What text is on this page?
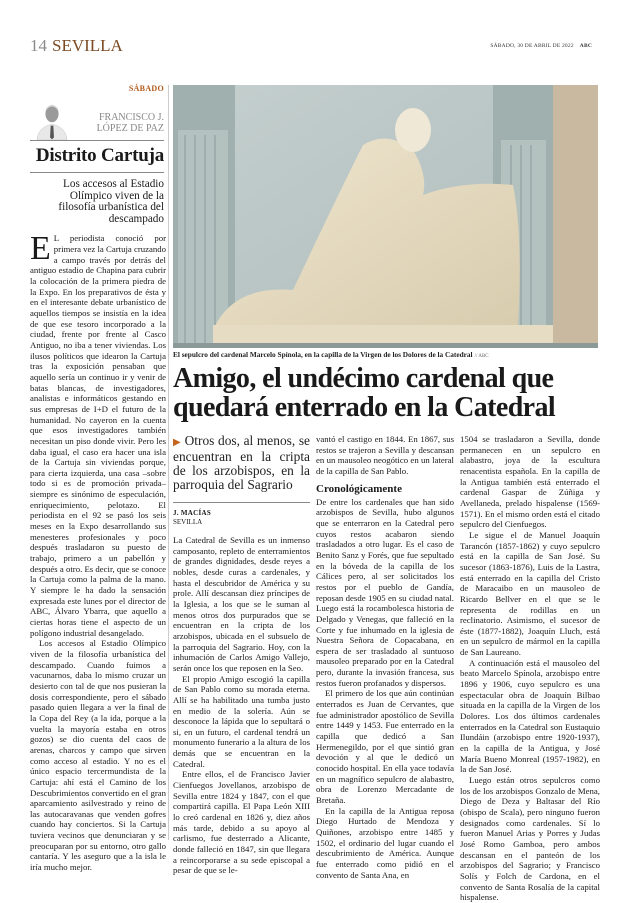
14 SEVILLA	SÁBADO, 30 DE ABRIL DE 2022 ABC
SÁBADO
FRANCISCO J.
LÓPEZ DE PAZ
Distrito Cartuja
Los accesos al Estadio Olímpico viven de la filosofía urbanística del descampado

E L periodista conoció por primera vez la Cartuja cruzando a campo través por detrás del antiguo estadio de Chapina para cubrir la colocación de la primera piedra de la Expo. En los preparativos de ésta y en el interesante debate urbanístico de aquellos tiempos se insistía en la idea de que ese tesoro incorporado a la ciudad, frente por frente al Casco Antiguo, no iba a tener viviendas. Los ilusos políticos que idearon la Cartuja tras la exposición pensaban que aquello sería un continuo ir y venir de batas blancas, de investigadores, analistas e informáticos gestando en sus empresas de I+D el futuro de la humanidad. No cayeron en la cuenta que esos investigadores también necesitan un piso donde vivir. Pero les daba igual, el caso era hacer una isla de la Cartuja sin viviendas porque, para cierta izquierda, una casa –sobre todo si es de promoción privada– siempre es sinónimo de especulación, enriquecimiento, pelotazo. El periodista en el 92 se pasó los seis meses en la Expo desarrollando sus menesteres profesionales y poco después trasladaron su puesto de trabajo, primero a un pabellón y después a otro. Es decir, que se conoce la Cartuja como la palma de la mano. Y siempre le ha dado la sensación expresada este lunes por el director de ABC, Álvaro Ybarra, que aquello a ciertas horas tiene el aspecto de un polígono industrial desangelado.

Los accesos al Estadio Olímpico viven de la filosofía urbanística del descampado. Cuando fuimos a vacunarnos, daba lo mismo cruzar un desierto con tal de que nos pusieran la dosis correspondiente, pero el sábado pasado quien llegara a ver la final de la Copa del Rey (a la ida, porque a la vuelta la mayoría estaba en otros gozos) se dio cuenta del caos de arenas, charcos y campo que sirven como acceso al estadio. Y no es el único espacio tercermundista de la Cartuja: ahí está el Camino de los Descubrimientos convertido en el gran aparcamiento asilvestrado y reino de las autocaravanas que venden gofres cuando hay conciertos. Si la Cartuja tuviera vecinos que denunciaran y se preocuparan por su entorno, otro gallo cantaría. Y les aseguro que a la isla le iría mucho mejor.

El sepulcro del cardenal Marcelo Spínola, en la capilla de la Virgen de los Dolores de la Catedral // ABC
Amigo, el undécimo cardenal que quedará enterrado en la Catedral
▶ Otros dos, al menos, se encuentran en la cripta de los arzobispos, en la parroquia del Sagrario
J. MACÍAS
SEVILLA

La Catedral de Sevilla es un inmenso camposanto, repleto de enterramientos de grandes dignidades, desde reyes a nobles, desde curas a cardenales, y hasta el descubridor de América y su prole. Allí descansan diez príncipes de la Iglesia, a los que se le suman al menos otros dos purpurados que se encuentran en la cripta de los arzobispos, ubicada en el subsuelo de la parroquia del Sagrario. Hoy, con la inhumación de Carlos Amigo Vallejo, serán once los que reposen en la Seo.

El propio Amigo escogió la capilla de San Pablo como su morada eterna. Allí se ha habilitado una tumba justo en medio de la solería. Aún se desconoce la lápida que lo sepultará o si, en un futuro, el cardenal tendrá un monumento funerario a la altura de los demás que se encuentran en la Catedral.

Entre ellos, el de Francisco Javier Cienfuegos Jovellanos, arzobispo de Sevilla entre 1824 y 1847, con el que compartirá capilla. El Papa León XIII lo creó cardenal en 1826 y, diez años más tarde, debido a su apoyo al carlismo, fue desterrado a Alicante, donde falleció en 1847, sin que llegara a reincorporarse a su sede episcopal a pesar de que se le-

vantó el castigo en 1844. En 1867, sus restos se trajeron a Sevilla y descansan en un mausoleo neogótico en un lateral de la capilla de San Pablo.

Cronológicamente

De entre los cardenales que han sido arzobispos de Sevilla, hubo algunos que se enterraron en la Catedral pero cuyos restos acabaron siendo trasladados a otro lugar. Es el caso de Benito Sanz y Forés, que fue sepultado en la bóveda de la capilla de los Cálices pero, al ser solicitados los restos por el pueblo de Gandía, reposan desde 1905 en su ciudad natal. Luego está la rocambolesca historia de Delgado y Venegas, que falleció en la Corte y fue inhumado en la iglesia de Nuestra Señora de Copacabana, en espera de ser trasladado al suntuoso mausoleo preparado por en la Catedral pero, durante la invasión francesa, sus restos fueron profanados y dispersos.

El primero de los que aún continúan enterrados es Juan de Cervantes, que fue administrador apostólico de Sevilla entre 1449 y 1453. Fue enterrado en la capilla que dedicó a San Hermenegildo, por el que sintió gran devoción y al que le dedicó un conocido hospital. En ella yace todavía en un magnífico sepulcro de alabastro, obra de Lorenzo Mercadante de Bretaña.

En la capilla de la Antigua reposa Diego Hurtado de Mendoza y Quiñones, arzobispo entre 1485 y 1502, el ordinario del lugar cuando el descubrimiento de América. Aunque fue enterrado como pidió en el convento de Santa Ana, en

1504 se trasladaron a Sevilla, donde permanecen en un sepulcro en alabastro, joya de la escultura renacentista española. En la capilla de la Antigua también está enterrado el cardenal Gaspar de Zúñiga y Avellaneda, prelado hispalense (1569-1571). En el mismo orden está el citado sepulcro del Cienfuegos.

Le sigue el de Manuel Joaquín Tarancón (1857-1862) y cuyo sepulcro está en la capilla de San José. Su sucesor (1863-1876), Luis de la Lastra, está enterrado en la capilla del Cristo de Maracaibo en un mausoleo de Ricardo Bellver en el que se le representa de rodillas en un reclinatorio. Asimismo, el sucesor de éste (1877-1882), Joaquín Lluch, está en un sepulcro de mármol en la capilla de San Laureano.

A continuación está el mausoleo del beato Marcelo Spínola, arzobispo entre 1896 y 1906, cuyo sepulcro es una espectacular obra de Joaquín Bilbao situada en la capilla de la Virgen de los Dolores. Los dos últimos cardenales enterrados en la Catedral son Eustaquio Ilundáin (arzobispo entre 1920-1937), en la capilla de la Antigua, y José María Bueno Monreal (1957-1982), en la de San José.

Luego están otros sepulcros como los de los arzobispos Gonzalo de Mena, Diego de Deza y Baltasar del Río (obispo de Scala), pero ninguno fueron designados como cardenales. Sí lo fueron Manuel Arias y Porres y Judas José Romo Gamboa, pero ambos descansan en el panteón de los arzobispos del Sagrario; y Francisco Solís y Folch de Cardona, en el convento de Santa Rosalía de la capital hispalense.
